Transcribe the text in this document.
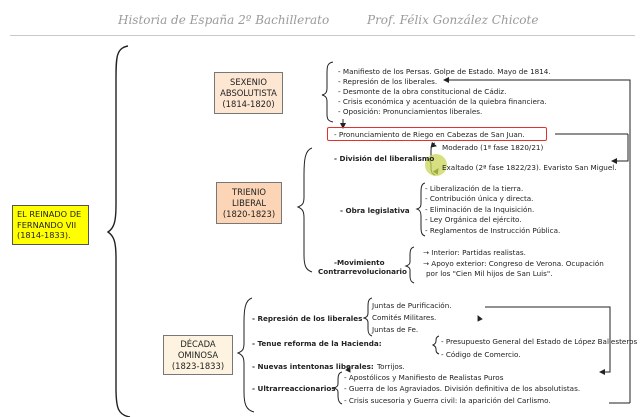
Historia de España 2º Bachillerato	Prof. Félix González Chicote
EL REINADO DE
FERNANDO VII
(1814-1833).
SEXENIO
ABSOLUTISTA
(1814-1820)
- Manifiesto de los Persas. Golpe de Estado. Mayo de 1814.
- Represión de los liberales.
- Desmonte de la obra constitucional de Cádiz.
- Crisis económica y acentuación de la quiebra financiera.
- Oposición: Pronunciamientos liberales.
- Pronunciamiento de Riego en Cabezas de San Juan.
TRIENIO
LIBERAL
(1820-1823)
- División del liberalismo
Moderado (1ª fase 1820/21)
Exaltado (2ª fase 1822/23). Evaristo San Miguel.
- Obra legislativa
- Liberalización de la tierra.
- Contribución única y directa.
- Eliminación de la Inquisición.
- Ley Orgánica del ejército.
- Reglamentos de Instrucción Pública.
-Movimiento
Contrarrevolucionario
→ Interior: Partidas realistas.
→ Apoyo exterior: Congreso de Verona. Ocupación
por los "Cien Mil hijos de San Luis".
DÉCADA
OMINOSA
(1823-1833)
- Represión de los liberales
Juntas de Purificación.
Comités Militares.
Juntas de Fe.
- Tenue reforma de la Hacienda:	- Presupuesto General del Estado de López Ballesteros
- Código de Comercio.
- Nuevas intentonas liberales: Torrijos.
- Ultrarreaccionarios
- Apostólicos y Manifiesto de Realistas Puros
- Guerra de los Agraviados. División definitiva de los absolutistas.
- Crisis sucesoria y Guerra civil: la aparición del Carlismo.
